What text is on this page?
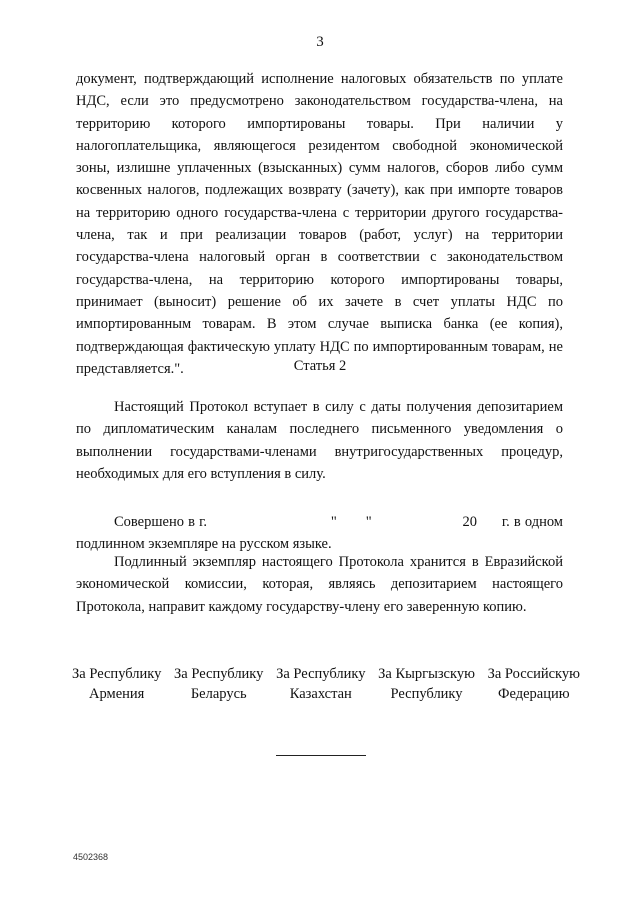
3
документ, подтверждающий исполнение налоговых обязательств по уплате НДС, если это предусмотрено законодательством государства-члена, на территорию которого импортированы товары. При наличии у налогоплательщика, являющегося резидентом свободной экономической зоны, излишне уплаченных (взысканных) сумм налогов, сборов либо сумм косвенных налогов, подлежащих возврату (зачету), как при импорте товаров на территорию одного государства-члена с территории другого государства-члена, так и при реализации товаров (работ, услуг) на территории государства-члена налоговый орган в соответствии с законодательством государства-члена, на территорию которого импортированы товары, принимает (выносит) решение об их зачете в счет уплаты НДС по импортированным товарам. В этом случае выписка банка (ее копия), подтверждающая фактическую уплату НДС по импортированным товарам, не представляется.".	Статья 2
Настоящий Протокол вступает в силу с даты получения депозитарием по дипломатическим каналам последнего письменного уведомления о выполнении государствами-членами внутригосударственных процедур, необходимых для его вступления в силу.
Совершено в г.                              "       "                      20      г. в одном подлинном экземпляре на русском языке.
Подлинный экземпляр настоящего Протокола хранится в Евразийской экономической комиссии, которая, являясь депозитарием настоящего Протокола, направит каждому государству-члену его заверенную копию.
За Республику
Армения
За Республику
Беларусь
За Республику
Казахстан
За Кыргызскую
Республику
За Российскую
Федерацию
4502368
